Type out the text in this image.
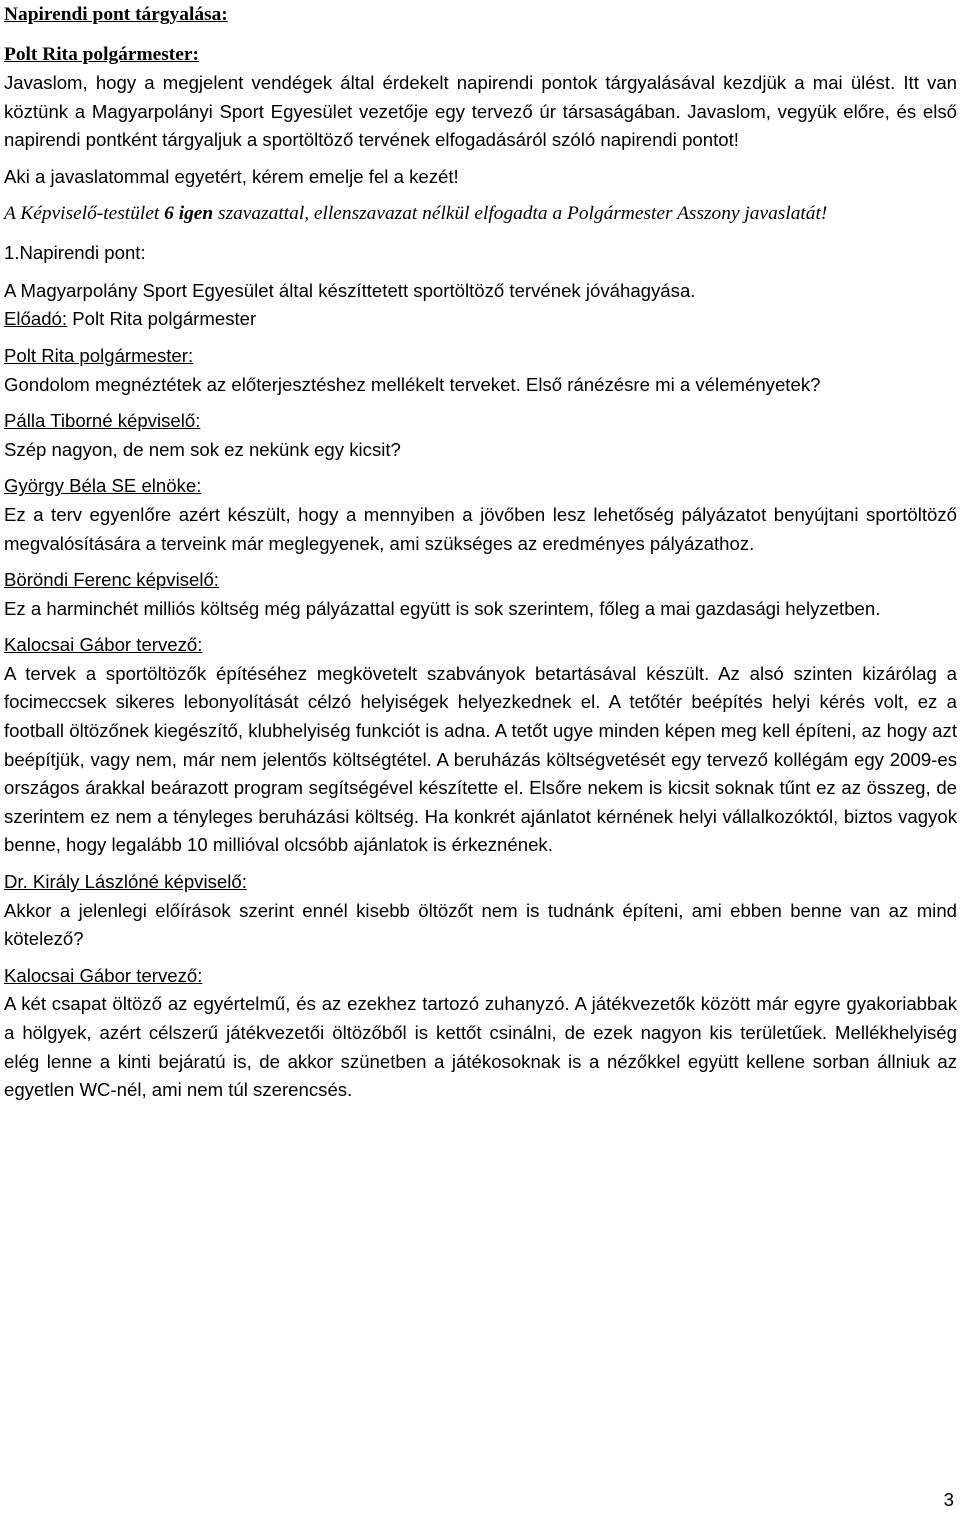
Napirendi pont tárgyalása:

Polt Rita polgármester:

Javaslom, hogy a megjelent vendégek által érdekelt napirendi pontok tárgyalásával kezdjük a mai ülést. Itt van köztünk a Magyarpolányi Sport Egyesület vezetője egy tervező úr társaságában. Javaslom, vegyük előre, és első napirendi pontként tárgyaljuk a sportöltöző tervének elfogadásáról szóló napirendi pontot!

Aki a javaslatommal egyetért, kérem emelje fel a kezét!

A Képviselő-testület 6 igen szavazattal, ellenszavazat nélkül elfogadta a Polgármester Asszony javaslatát!

1.Napirendi pont:

A Magyarpolány Sport Egyesület által készíttetett sportöltöző tervének jóváhagyása.

Előadó: Polt Rita polgármester

Polt Rita polgármester:

Gondolom megnéztétek az előterjesztéshez mellékelt terveket. Első ránézésre mi a véleményetek?

Pálla Tiborné képviselő:

Szép nagyon, de nem sok ez nekünk egy kicsit?

György Béla SE elnöke:

Ez a terv egyenlőre azért készült, hogy a mennyiben a jövőben lesz lehetőség pályázatot benyújtani sportöltöző megvalósítására a terveink már meglegyenek, ami szükséges az eredményes pályázathoz.

Böröndi Ferenc képviselő:

Ez a harminchét milliós költség még pályázattal együtt is sok szerintem, főleg a mai gazdasági helyzetben.

Kalocsai Gábor tervező:

A tervek a sportöltözők építéséhez megkövetelt szabványok betartásával készült. Az alsó szinten kizárólag a focimeccsek sikeres lebonyolítását célzó helyiségek helyezkednek el. A tetőtér beépítés helyi kérés volt, ez a football öltözőnek kiegészítő, klubhelyiség funkciót is adna. A tetőt ugye minden képen meg kell építeni, az hogy azt beépítjük, vagy nem, már nem jelentős költségtétel. A beruházás költségvetését egy tervező kollégám egy 2009-es országos árakkal beárazott program segítségével készítette el. Elsőre nekem is kicsit soknak tűnt ez az összeg, de szerintem ez nem a tényleges beruházási költség. Ha konkrét ajánlatot kérnének helyi vállalkozóktól, biztos vagyok benne, hogy legalább 10 millióval olcsóbb ajánlatok is érkeznének.

Dr. Király Lászlóné képviselő:

Akkor a jelenlegi előírások szerint ennél kisebb öltözőt nem is tudnánk építeni, ami ebben benne van az mind kötelező?

Kalocsai Gábor tervező:

A két csapat öltöző az egyértelmű, és az ezekhez tartozó zuhanyzó. A játékvezetők között már egyre gyakoriabbak a hölgyek, azért célszerű játékvezetői öltözőből is kettőt csinálni, de ezek nagyon kis területűek. Mellékhelyiség elég lenne a kinti bejáratú is, de akkor szünetben a játékosoknak is a nézőkkel együtt kellene sorban állniuk az egyetlen WC-nél, ami nem túl szerencsés.

3
